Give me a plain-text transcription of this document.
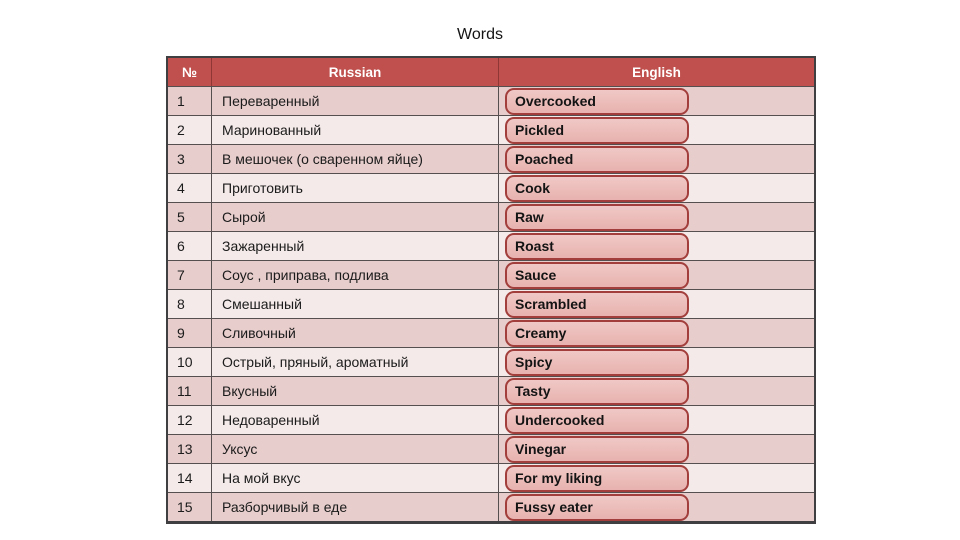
Words
№	Russian	English
1	Переваренный	Overcooked
2	Маринованный	Pickled
3	В мешочек (о сваренном яйце)	Poached
4	Приготовить	Cook
5	Сырой	Raw
6	Зажаренный	Roast
7	Соус , приправа, подлива	Sauce
8	Смешанный	Scrambled
9	Сливочный	Creamy
10	Острый, пряный, ароматный	Spicy
11	Вкусный	Tasty
12	Недоваренный	Undercooked
13	Уксус	Vinegar
14	На мой вкус	For my liking
15	Разборчивый в еде	Fussy eater
